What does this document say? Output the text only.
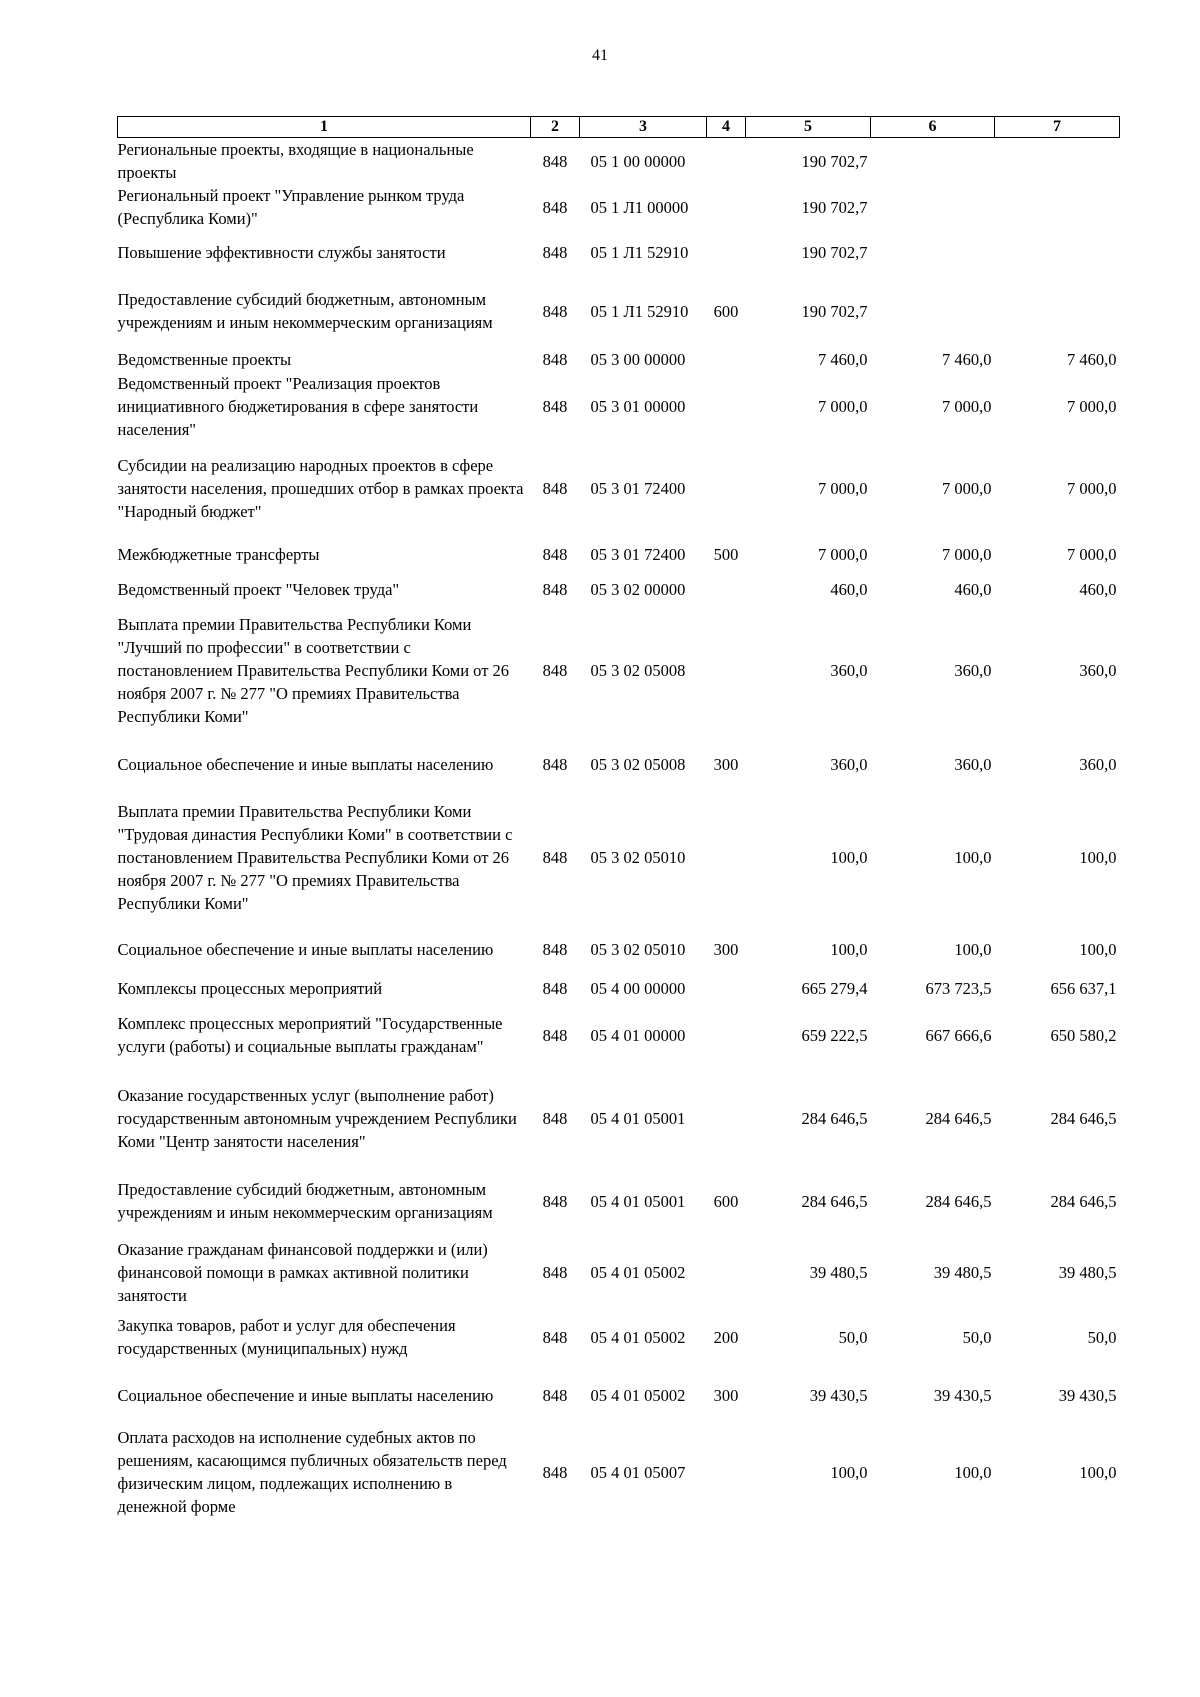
41
1	2	3	4	5	6	7
Региональные проекты, входящие в национальные проекты	848	05 1 00 00000		190 702,7		
Региональный проект "Управление рынком труда (Республика Коми)"	848	05 1 Л1 00000		190 702,7		
Повышение эффективности службы занятости	848	05 1 Л1 52910		190 702,7		
Предоставление субсидий бюджетным, автономным учреждениям и иным некоммерческим организациям	848	05 1 Л1 52910	600	190 702,7		
Ведомственные проекты	848	05 3 00 00000		7 460,0	7 460,0	7 460,0
Ведомственный проект "Реализация проектов инициативного бюджетирования в сфере занятости населения"	848	05 3 01 00000		7 000,0	7 000,0	7 000,0
Субсидии на реализацию народных проектов в сфере занятости населения, прошедших отбор в рамках проекта "Народный бюджет"	848	05 3 01 72400		7 000,0	7 000,0	7 000,0
Межбюджетные трансферты	848	05 3 01 72400	500	7 000,0	7 000,0	7 000,0
Ведомственный проект "Человек труда"	848	05 3 02 00000		460,0	460,0	460,0
Выплата премии Правительства Республики Коми "Лучший по профессии" в соответствии с постановлением Правительства Республики Коми от 26 ноября 2007 г. № 277 "О премиях Правительства Республики Коми"	848	05 3 02 05008		360,0	360,0	360,0
Социальное обеспечение и иные выплаты населению	848	05 3 02 05008	300	360,0	360,0	360,0
Выплата премии Правительства Республики Коми "Трудовая династия Республики Коми" в соответствии с постановлением Правительства Республики Коми от 26 ноября 2007 г. № 277 "О премиях Правительства Республики Коми"	848	05 3 02 05010		100,0	100,0	100,0
Социальное обеспечение и иные выплаты населению	848	05 3 02 05010	300	100,0	100,0	100,0
Комплексы процессных мероприятий	848	05 4 00 00000		665 279,4	673 723,5	656 637,1
Комплекс процессных мероприятий "Государственные услуги (работы) и социальные выплаты гражданам"	848	05 4 01 00000		659 222,5	667 666,6	650 580,2
Оказание государственных услуг (выполнение работ) государственным автономным учреждением Республики Коми "Центр занятости населения"	848	05 4 01 05001		284 646,5	284 646,5	284 646,5
Предоставление субсидий бюджетным, автономным учреждениям и иным некоммерческим организациям	848	05 4 01 05001	600	284 646,5	284 646,5	284 646,5
Оказание гражданам финансовой поддержки и (или) финансовой помощи в рамках активной политики занятости	848	05 4 01 05002		39 480,5	39 480,5	39 480,5
Закупка товаров, работ и услуг для обеспечения государственных (муниципальных) нужд	848	05 4 01 05002	200	50,0	50,0	50,0
Социальное обеспечение и иные выплаты населению	848	05 4 01 05002	300	39 430,5	39 430,5	39 430,5
Оплата расходов на исполнение судебных актов по решениям, касающимся публичных обязательств перед физическим лицом, подлежащих исполнению в денежной форме	848	05 4 01 05007		100,0	100,0	100,0
